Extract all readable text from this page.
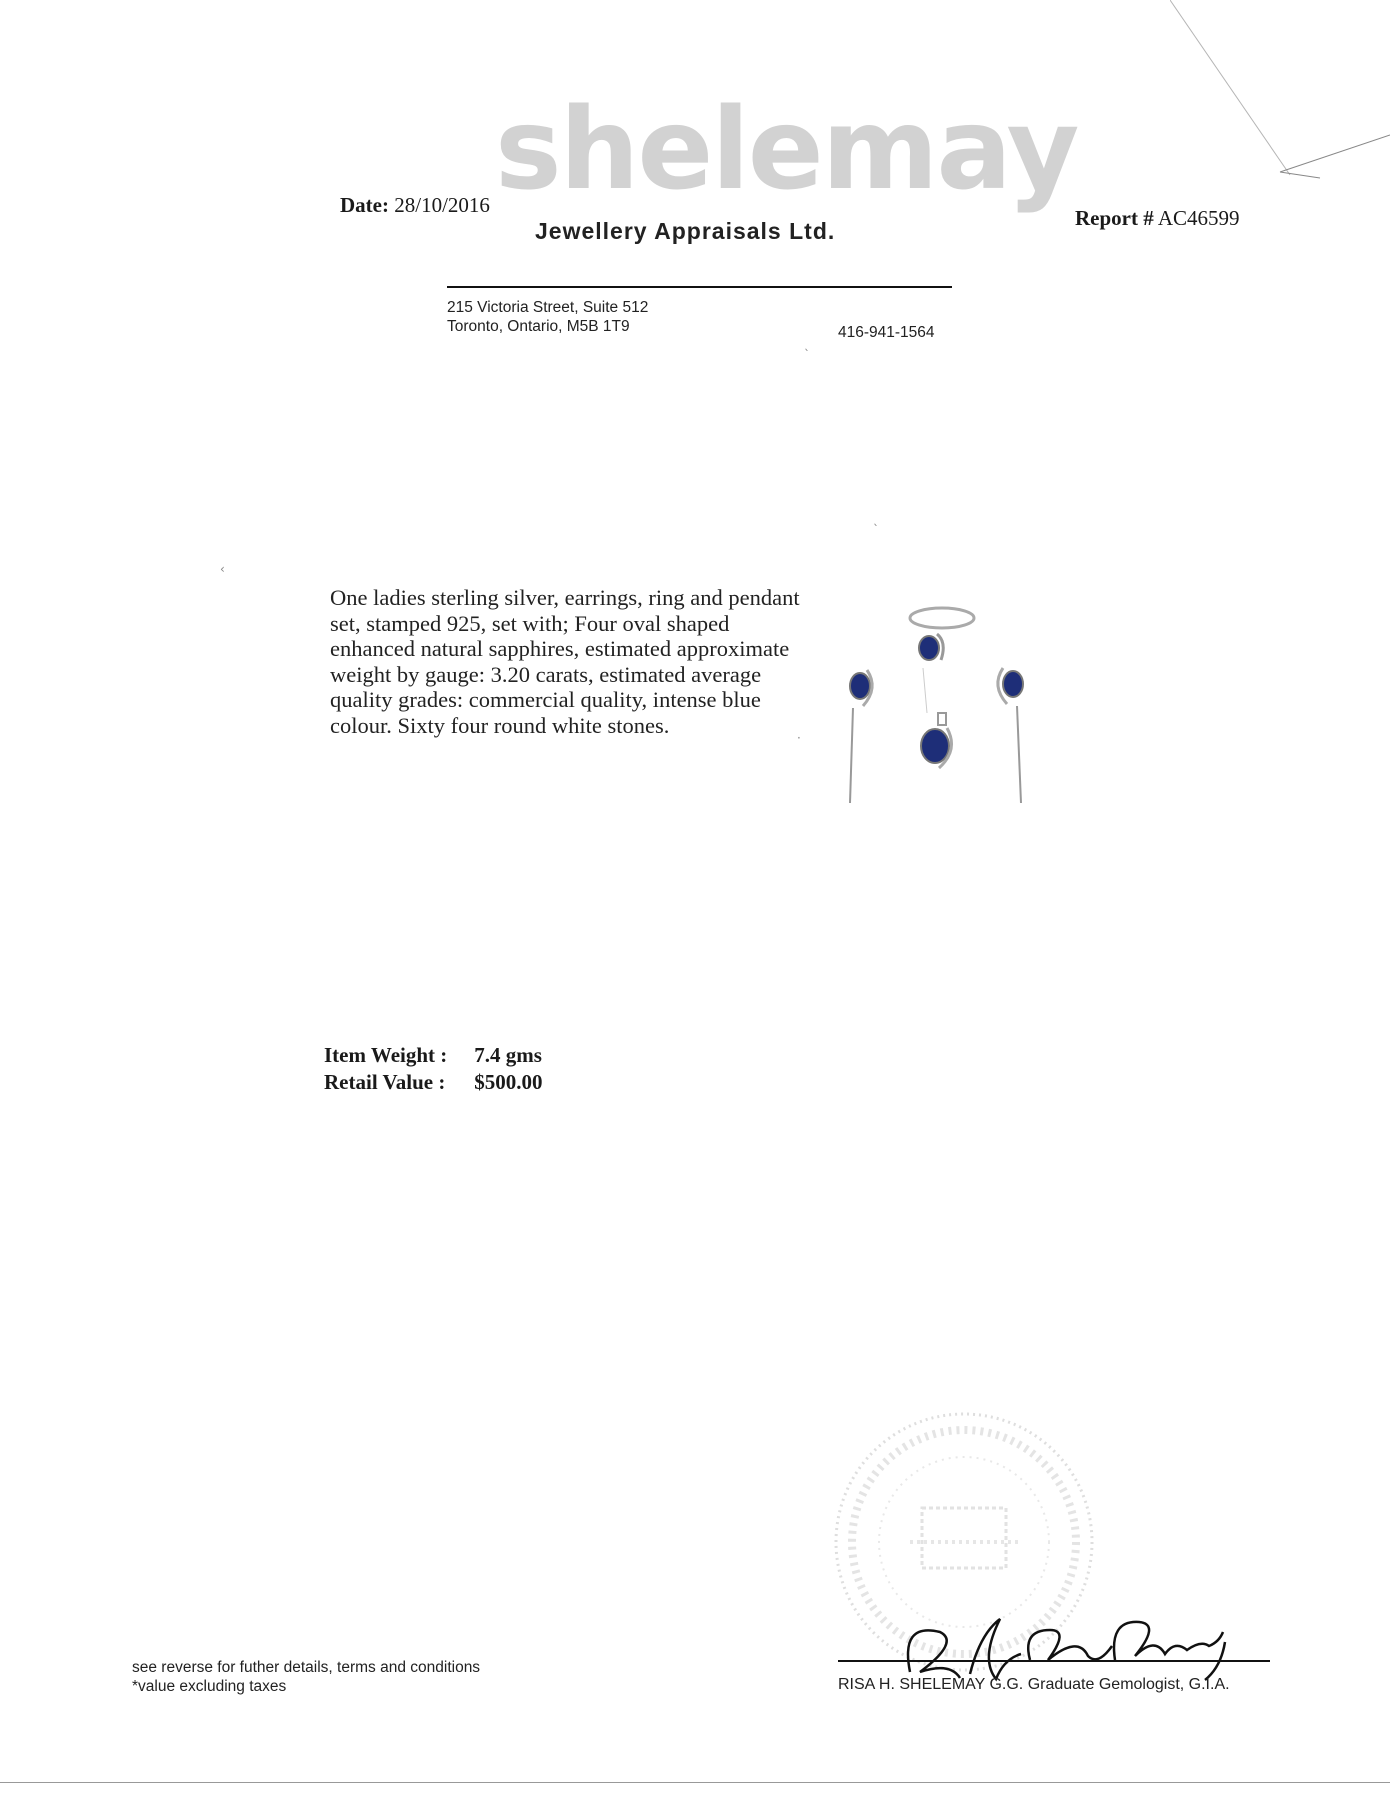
Date: 28/10/2016 shelemay
Jewellery Appraisals Ltd.	Report # AC46599
215 Victoria Street, Suite 512
Toronto, Ontario, M5B 1T9	416-941-1564
One ladies sterling silver, earrings, ring and pendant set, stamped 925, set with; Four oval shaped enhanced natural sapphires, estimated approximate weight by gauge: 3.20 carats, estimated average quality grades: commercial quality, intense blue colour. Sixty four round white stones.
Item Weight : 7.4 gms
Retail Value : $500.00
RISA H. SHELEMAY G.G. Graduate Gemologist, G.I.A.
see reverse for futher details, terms and conditions
*value excluding taxes
‹
ˎ
ˎ
·
